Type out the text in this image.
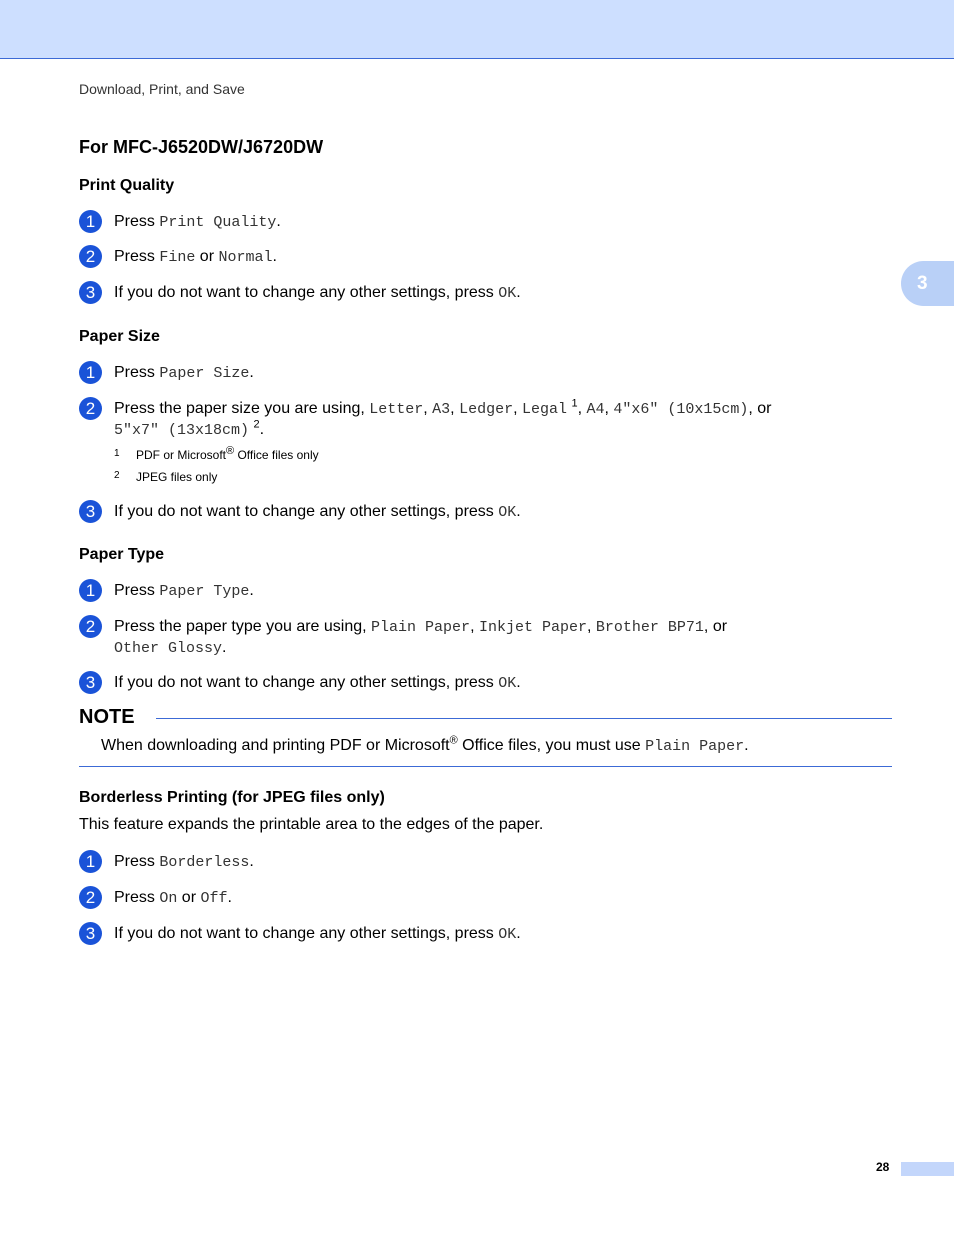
Download, Print, and Save
3
For MFC-J6520DW/J6720DW
Print Quality
1	Press Print Quality.
2	Press Fine or Normal.
3	If you do not want to change any other settings, press OK.
Paper Size
1	Press Paper Size.
2	Press the paper size you are using, Letter, A3, Ledger, Legal $^1$, A4, 4"x6" (10x15cm), or
5"x7" (13x18cm) $^2$.
1	PDF or Microsoft® Office files only
2	JPEG files only
3	If you do not want to change any other settings, press OK.
Paper Type
1	Press Paper Type.
2	Press the paper type you are using, Plain Paper, Inkjet Paper, Brother BP71, or
Other Glossy.
3	If you do not want to change any other settings, press OK.
NOTE
When downloading and printing PDF or Microsoft® Office files, you must use Plain Paper.
Borderless Printing (for JPEG files only)
This feature expands the printable area to the edges of the paper.
1	Press Borderless.
2	Press On or Off.
3	If you do not want to change any other settings, press OK.
28
